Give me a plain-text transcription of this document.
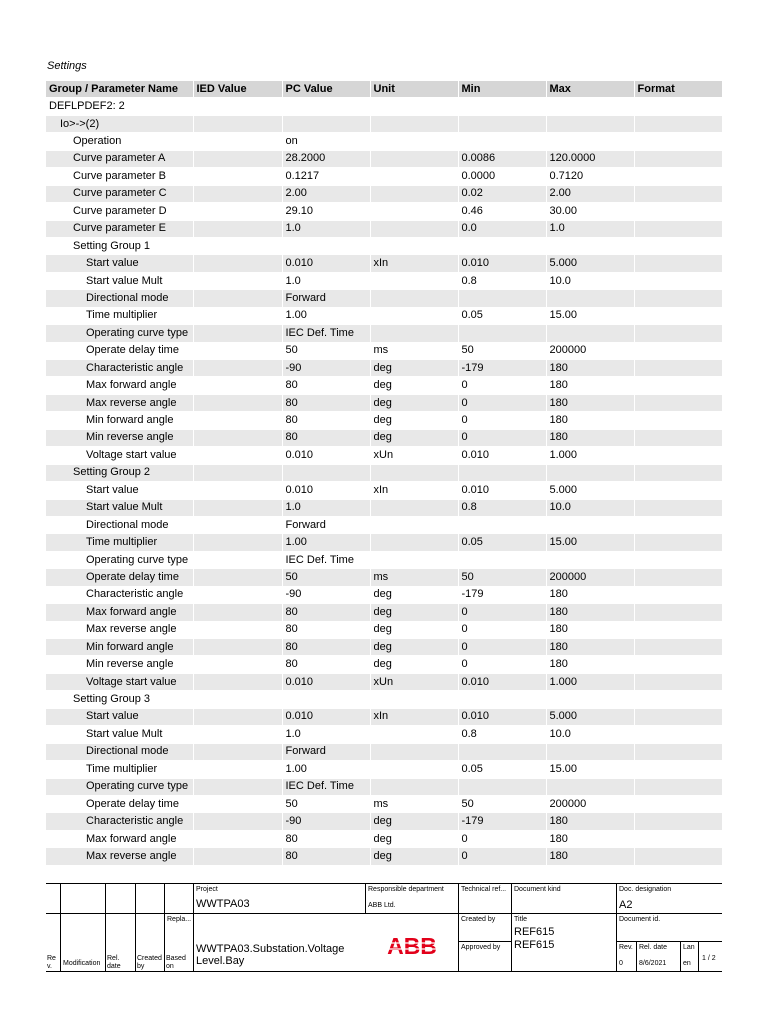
Settings
Group / Parameter Name	IED Value	PC Value	Unit	Min	Max	Format
DEFLPDEF2: 2						
Io>->(2)						
Operation		on				
Curve parameter A		28.2000		0.0086	120.0000	
Curve parameter B		0.1217		0.0000	0.7120	
Curve parameter C		2.00		0.02	2.00	
Curve parameter D		29.10		0.46	30.00	
Curve parameter E		1.0		0.0	1.0	
Setting Group 1						
Start value		0.010	xIn	0.010	5.000	
Start value Mult		1.0		0.8	10.0	
Directional mode		Forward				
Time multiplier		1.00		0.05	15.00	
Operating curve type		IEC Def. Time				
Operate delay time		50	ms	50	200000	
Characteristic angle		-90	deg	-179	180	
Max forward angle		80	deg	0	180	
Max reverse angle		80	deg	0	180	
Min forward angle		80	deg	0	180	
Min reverse angle		80	deg	0	180	
Voltage start value		0.010	xUn	0.010	1.000	
Setting Group 2						
Start value		0.010	xIn	0.010	5.000	
Start value Mult		1.0		0.8	10.0	
Directional mode		Forward				
Time multiplier		1.00		0.05	15.00	
Operating curve type		IEC Def. Time				
Operate delay time		50	ms	50	200000	
Characteristic angle		-90	deg	-179	180	
Max forward angle		80	deg	0	180	
Max reverse angle		80	deg	0	180	
Min forward angle		80	deg	0	180	
Min reverse angle		80	deg	0	180	
Voltage start value		0.010	xUn	0.010	1.000	
Setting Group 3						
Start value		0.010	xIn	0.010	5.000	
Start value Mult		1.0		0.8	10.0	
Directional mode		Forward				
Time multiplier		1.00		0.05	15.00	
Operating curve type		IEC Def. Time				
Operate delay time		50	ms	50	200000	
Characteristic angle		-90	deg	-179	180	
Max forward angle		80	deg	0	180	
Max reverse angle		80	deg	0	180	
Project
WWTPA03
Responsible department
ABB Ltd.
Technical ref... Document kind	Doc. designation
A2
Repla...
WWTPA03.Substation.Voltage Level.Bay
Created by
Approved by
Title
REF615
REF615
Document id.
Re v.	Modification
Rel. date
Created by
Based on
Rev.
0
Rel. date
8/6/2021
Lan
en
1 / 2
ABB
